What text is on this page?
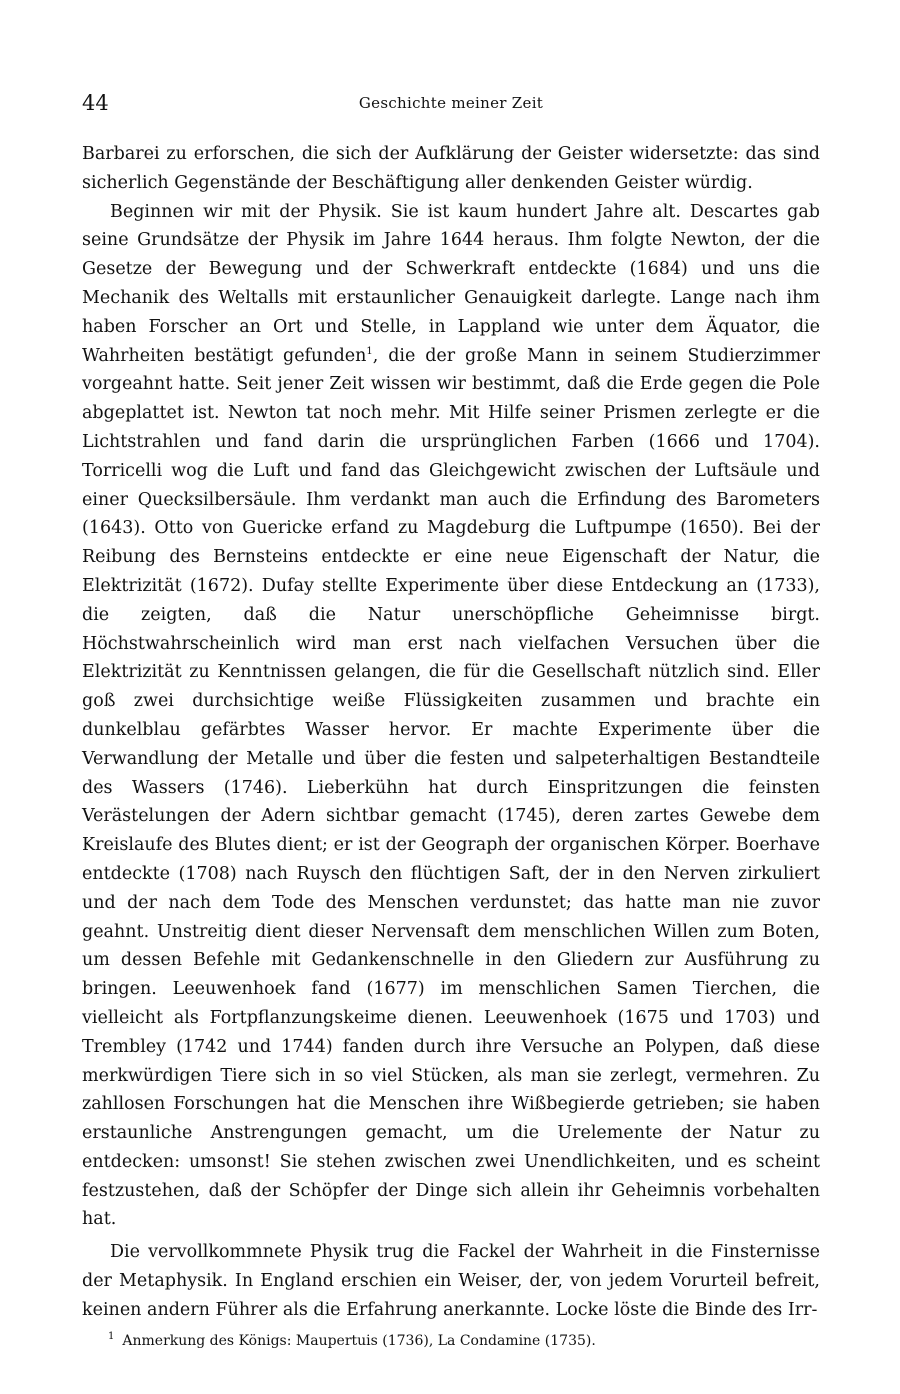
44	Geschichte meiner Zeit

Barbarei zu erforschen, die sich der Aufklärung der Geister widersetzte: das sind sicherlich Gegenstände der Beschäftigung aller denkenden Geister würdig.

Beginnen wir mit der Physik. Sie ist kaum hundert Jahre alt. Descartes gab seine Grundsätze der Physik im Jahre 1644 heraus. Ihm folgte Newton, der die Gesetze der Bewegung und der Schwerkraft entdeckte (1684) und uns die Mechanik des Weltalls mit erstaunlicher Genauigkeit darlegte. Lange nach ihm haben Forscher an Ort und Stelle, in Lappland wie unter dem Äquator, die Wahrheiten bestätigt gefunden$^1$, die der große Mann in seinem Studierzimmer vorgeahnt hatte. Seit jener Zeit wissen wir bestimmt, daß die Erde gegen die Pole abgeplattet ist. Newton tat noch mehr. Mit Hilfe seiner Prismen zerlegte er die Lichtstrahlen und fand darin die ursprünglichen Farben (1666 und 1704). Torricelli wog die Luft und fand das Gleichgewicht zwischen der Luftsäule und einer Quecksilbersäule. Ihm verdankt man auch die Erfindung des Barometers (1643). Otto von Guericke erfand zu Magdeburg die Luftpumpe (1650). Bei der Reibung des Bernsteins entdeckte er eine neue Eigenschaft der Natur, die Elektrizität (1672). Dufay stellte Experimente über diese Entdeckung an (1733), die zeigten, daß die Natur unerschöpfliche Geheimnisse birgt. Höchstwahrscheinlich wird man erst nach vielfachen Versuchen über die Elektrizität zu Kenntnissen gelangen, die für die Gesellschaft nützlich sind. Eller goß zwei durchsichtige weiße Flüssigkeiten zusammen und brachte ein dunkelblau gefärbtes Wasser hervor. Er machte Experimente über die Verwandlung der Metalle und über die festen und salpeterhaltigen Bestandteile des Wassers (1746). Lieberkühn hat durch Einspritzungen die feinsten Verästelungen der Adern sichtbar gemacht (1745), deren zartes Gewebe dem Kreislaufe des Blutes dient; er ist der Geograph der organischen Körper. Boerhave entdeckte (1708) nach Ruysch den flüchtigen Saft, der in den Nerven zirkuliert und der nach dem Tode des Menschen verdunstet; das hatte man nie zuvor geahnt. Unstreitig dient dieser Nervensaft dem menschlichen Willen zum Boten, um dessen Befehle mit Gedankenschnelle in den Gliedern zur Ausführung zu bringen. Leeuwenhoek fand (1677) im menschlichen Samen Tierchen, die vielleicht als Fortpflanzungskeime dienen. Leeuwenhoek (1675 und 1703) und Trembley (1742 und 1744) fanden durch ihre Versuche an Polypen, daß diese merkwürdigen Tiere sich in so viel Stücken, als man sie zerlegt, vermehren. Zu zahllosen Forschungen hat die Menschen ihre Wißbegierde getrieben; sie haben erstaunliche Anstrengungen gemacht, um die Urelemente der Natur zu entdecken: umsonst! Sie stehen zwischen zwei Unendlichkeiten, und es scheint festzustehen, daß der Schöpfer der Dinge sich allein ihr Geheimnis vorbehalten hat.

Die vervollkommnete Physik trug die Fackel der Wahrheit in die Finsternisse der Metaphysik. In England erschien ein Weiser, der, von jedem Vorurteil befreit, keinen andern Führer als die Erfahrung anerkannte. Locke löste die Binde des Irr-

$^1$ Anmerkung des Königs: Maupertuis (1736), La Condamine (1735).
